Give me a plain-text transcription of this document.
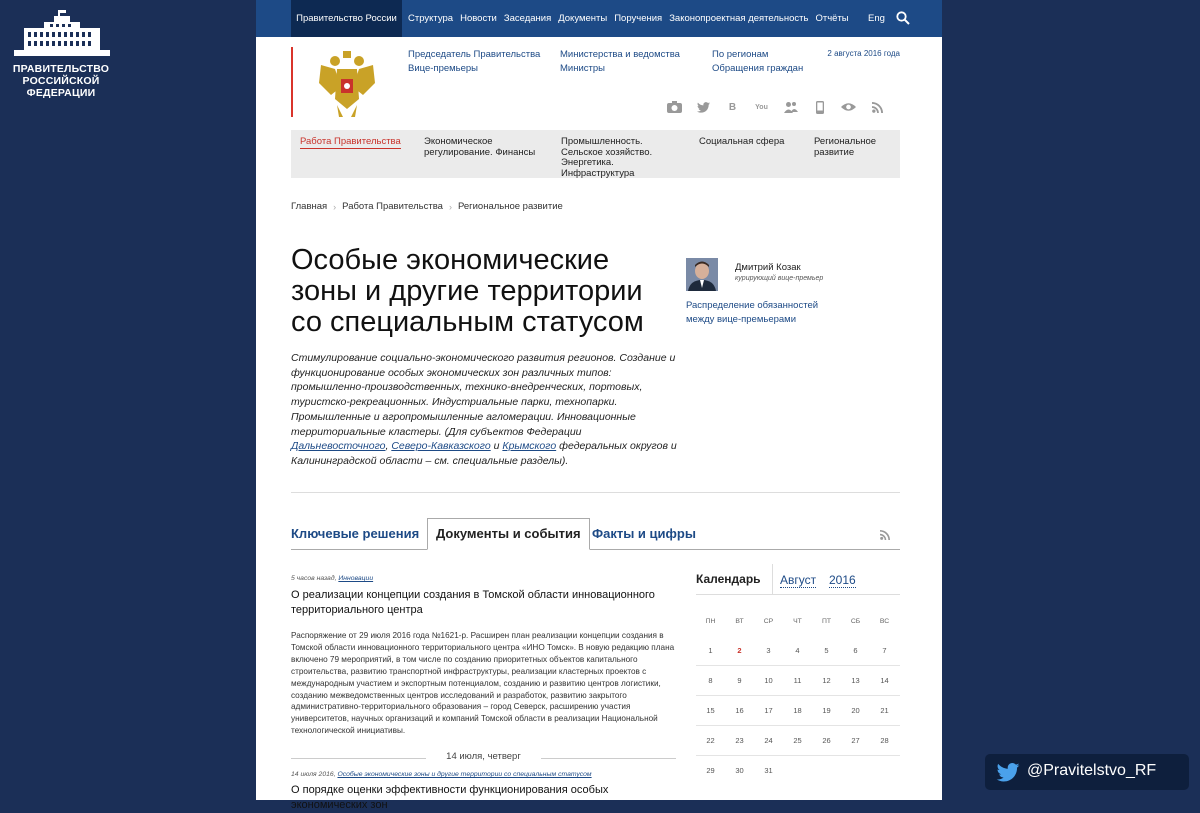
ПРАВИТЕЛЬСТВО
РОССИЙСКОЙ
ФЕДЕРАЦИИ
Правительство России	Структура Новости Заседания Документы Поручения Законопроектная деятельность Отчёты Eng
Председатель Правительства
Вице-премьеры
Министерства и ведомства
Министры
По регионам
Обращения граждан
2 августа 2016 года
B	You
Работа Правительства Экономическое регулирование. Финансы
Промышленность. Сельское хозяйство. Энергетика. Инфраструктура
Социальная сфера	Региональное развитие
Главная › Работа Правительства › Региональное развитие
Особые экономические зоны и другие территории со специальным статусом
Дмитрий Козак
курирующий вице-премьер
Распределение обязанностей
между вице-премьерами
Стимулирование социально-экономического развития регионов. Создание и функционирование особых экономических зон различных типов: промышленно-производственных, технико-внедренческих, портовых, туристско-рекреационных. Индустриальные парки, технопарки. Промышленные и агропромышленные агломерации. Инновационные территориальные кластеры. (Для субъектов Федерации Дальневосточного, Северо-Кавказского и Крымского федеральных округов и Калининградской области – см. специальные разделы).
Ключевые решения	Документы и события Факты и цифры
5 часов назад, Инновации
О реализации концепции создания в Томской области инновационного территориального центра
Распоряжение от 29 июля 2016 года №1621-р. Расширен план реализации концепции создания в Томской области инновационного территориального центра «ИНО Томск». В новую редакцию плана включено 79 мероприятий, в том числе по созданию приоритетных объектов капитального строительства, развитию транспортной инфраструктуры, реализации кластерных проектов с международным участием и экспортным потенциалом, созданию и развитию центров логистики, созданию межведомственных центров исследований и разработок, развитию закрытого административно-территориального образования – город Северск, расширению участия университетов, научных организаций и компаний Томской области в реализации Национальной технологической инициативы.
14 июля, четверг
14 июля 2016, Особые экономические зоны и другие территории со специальным статусом
О порядке оценки эффективности функционирования особых экономических зон
Календарь Август 2016
ПН	ВТ	СР	ЧТ	ПТ	СБ	ВС
1	2	3	4	5	6	7
8	9	10	11	12	13	14
15	16	17	18	19	20	21
22	23	24	25	26	27	28
29	30	31	@Pravitelstvo_RF
